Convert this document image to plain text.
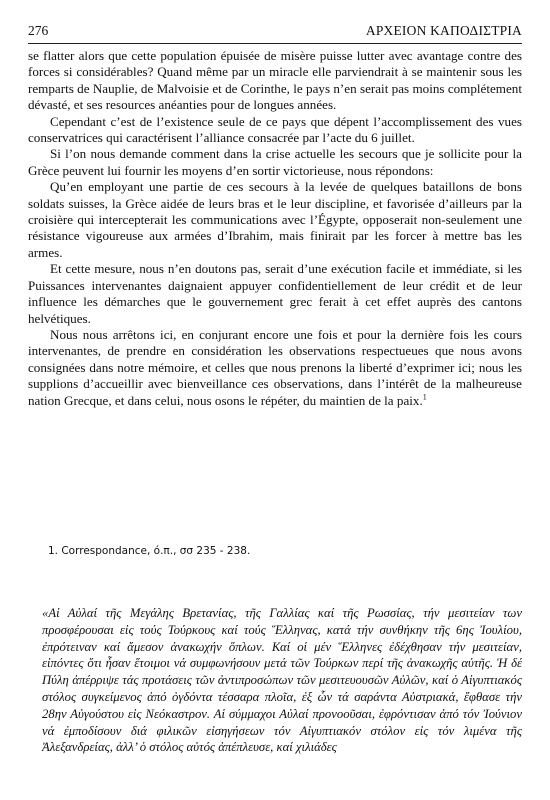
276	ΑΡΧΕΙΟΝ ΚΑΠΟΔΙΣΤΡΙΑ

se flatter alors que cette population épuisée de misère puisse lutter avec avantage contre des forces si considérables? Quand même par un miracle elle parviendrait à se maintenir sous les remparts de Nauplie, de Malvoisie et de Corinthe, le pays n’en serait pas moins complétement dévasté, et ses resources anéanties pour de longues années.

Cependant c’est de l’existence seule de ce pays que dépent l’accomplissement des vues conservatrices qui caractérisent l’alliance consacrée par l’acte du 6 juillet.

Si l’on nous demande comment dans la crise actuelle les secours que je sollicite pour la Grèce peuvent lui fournir les moyens d’en sortir victorieuse, nous répondons:

Qu’en employant une partie de ces secours à la levée de quelques bataillons de bons soldats suisses, la Grèce aidée de leurs bras et le leur discipline, et favorisée d’ailleurs par la croisière qui intercepterait les communications avec l’Égypte, opposerait non-seulement une résistance vigoureuse aux armées d’Ibrahim, mais finirait par les forcer à mettre bas les armes.

Et cette mesure, nous n’en doutons pas, serait d’une exécution facile et immédiate, si les Puissances intervenantes daignaient appuyer confidentiellement de leur crédit et de leur influence les démarches que le gouvernement grec ferait à cet effet auprès des cantons helvétiques.

Nous nous arrêtons ici, en conjurant encore une fois et pour la dernière fois les cours intervenantes, de prendre en considération les observations respectueues que nous avons consignées dans notre mémoire, et celles que nous prenons la liberté d’exprimer ici; nous les supplions d’accueillir avec bienveillance ces observations, dans l’intérêt de la malheureuse nation Grecque, et dans celui, nous osons le répéter, du maintien de la paix.$^1$

1. Correspondance, ό.π., σσ 235 - 238.

«Αἱ Αὐλαί τῆς Μεγάλης Βρετανίας, τῆς Γαλλίας καί τῆς Ρωσσίας, τήν μεσιτείαν των προσφέρουσαι εἰς τούς Τούρκους καί τούς Ἕλληνας, κατά τήν συνθήκην τῆς 6ης Ἰουλίου, ἐπρότειναν καί ἄμεσον ἀνακωχήν ὅπλων. Καί οἱ μέν Ἕλληνες ἐδέχθησαν τήν μεσιτείαν, εἰπόντες ὅτι ἦσαν ἕτοιμοι νά συμφωνήσουν μετά τῶν Τούρκων περί τῆς ἀνακωχῆς αὐτῆς. Ἡ δέ Πύλη ἀπέρριψε τάς προτάσεις τῶν ἀντιπροσώπων τῶν μεσιτευουσῶν Αὐλῶν, καί ὁ Αἰγυπτιακός στόλος συγκείμενος ἀπό ὀγδόντα τέσσαρα πλοῖα, ἐξ ὧν τά σαράντα Αὐστριακά, ἔφθασε τήν 28ην Αὐγούστου εἰς Νεόκαστρον. Αἱ σύμμαχοι Αὐλαί προνοοῦσαι, ἐφρόντισαν ἀπό τόν Ἰούνιον νά ἐμποδίσουν διά φιλικῶν εἰσηγήσεων τόν Αἰγυπτιακόν στόλον εἰς τόν λιμένα τῆς Ἀλεξανδρείας, ἀλλ’ ὁ στόλος αὐτός ἀπέπλευσε, καί χιλιάδες
